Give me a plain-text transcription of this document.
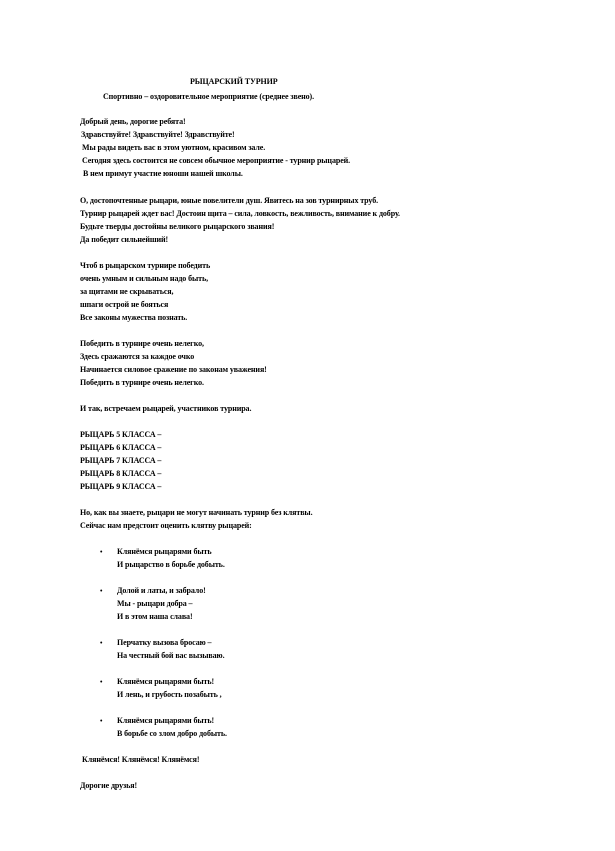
РЫЦАРСКИЙ ТУРНИР
Спортивно – оздоровительное мероприятие (среднее звено).
Добрый день, дорогие ребята!
Здравствуйте! Здравствуйте! Здравствуйте!
Мы рады видеть вас в этом уютном, красивом зале.
Сегодня здесь состоится не совсем обычное мероприятие - турнир рыцарей.
В нем примут участие юноши нашей школы.
О, достопочтенные рыцари, юные повелители душ. Явитесь на зов турнирных труб.
Турнир рыцарей ждет вас! Достоин щита – сила, ловкость, вежливость, внимание к добру.
Будьте тверды достойны великого рыцарского звания!
Да победит сильнейший!
Чтоб в рыцарском турнире победить
очень умным и сильным надо быть,
за щитами не скрываться,
шпаги острой не бояться
Все законы мужества познать.
Победить в турнире очень нелегко,
Здесь сражаются за каждое очко
Начинается силовое сражение по законам уважения!
Победить в турнире очень нелегко.
И так, встречаем рыцарей, участников турнира.
РЫЦАРЬ 5 КЛАССА –
РЫЦАРЬ 6 КЛАССА –
РЫЦАРЬ 7 КЛАССА –
РЫЦАРЬ 8 КЛАССА –
РЫЦАРЬ 9 КЛАССА –
Но, как вы знаете, рыцари не могут начинать турнир без клятвы.
Сейчас нам предстоит оценить клятву рыцарей:
• Клянёмся рыцарями быть
И рыцарство в борьбе добыть.
• Долой и латы, и забрало!
Мы - рыцари добра –
И в этом наша слава!
• Перчатку вызова бросаю –
На честный бой вас вызываю.
• Клянёмся рыцарями быть!
И лень, и грубость позабыть ,
• Клянёмся рыцарями быть!
В борьбе со злом добро добыть.
Клянёмся! Клянёмся! Клянёмся!
Дорогие друзья!
